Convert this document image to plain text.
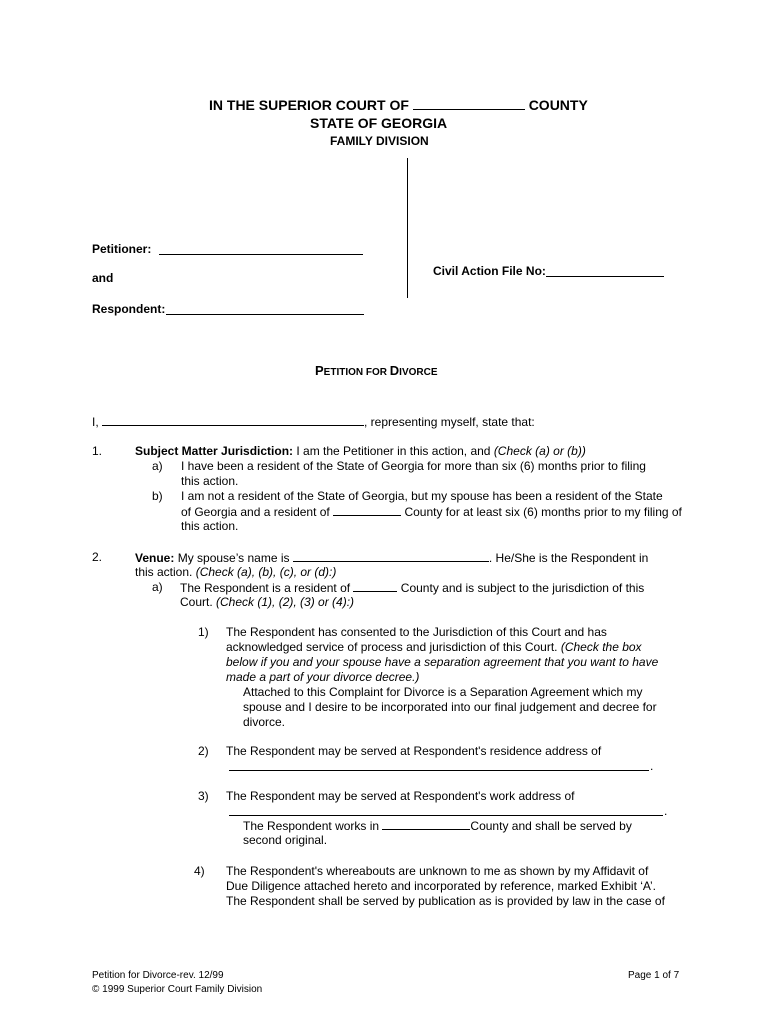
IN THE SUPERIOR COURT OF	COUNTY
STATE OF GEORGIA
FAMILY DIVISION
Petitioner:
and
Respondent:
Civil Action File No:
PETITION FOR DIVORCE
I,	, representing myself, state that:
1.	Subject Matter Jurisdiction: I am the Petitioner in this action, and (Check (a) or (b))
a) I have been a resident of the State of Georgia for more than six (6) months prior to filing
this action.
b) I am not a resident of the State of Georgia, but my spouse has been a resident of the State
of Georgia and a resident of	County for at least six (6) months prior to my filing of
this action.
2.	Venue: My spouse’s name is	. He/She is the Respondent in
this action. (Check (a), (b), (c), or (d):)
a) The Respondent is a resident of	County and is subject to the jurisdiction of this
Court. (Check (1), (2), (3) or (4):)
1) The Respondent has consented to the Jurisdiction of this Court and has
acknowledged service of process and jurisdiction of this Court. (Check the box
below if you and your spouse have a separation agreement that you want to have
made a part of your divorce decree.)
Attached to this Complaint for Divorce is a Separation Agreement which my
spouse and I desire to be incorporated into our final judgement and decree for
divorce.
2) The Respondent may be served at Respondent's residence address of
.
3) The Respondent may be served at Respondent's work address of
.
The Respondent works in	County and shall be served by
second original.
4) The Respondent's whereabouts are unknown to me as shown by my Affidavit of
Due Diligence attached hereto and incorporated by reference, marked Exhibit ‘A’.
The Respondent shall be served by publication as is provided by law in the case of
Petition for Divorce-rev. 12/99
© 1999 Superior Court Family Division
Page 1 of 7
